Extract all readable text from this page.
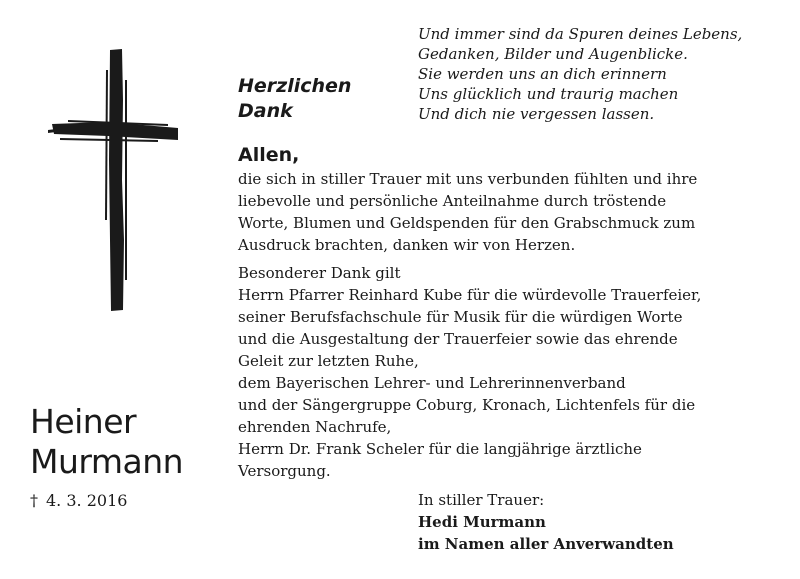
Heiner
Murmann
† 4. 3. 2016
Und immer sind da Spuren deines Lebens,
Gedanken, Bilder und Augenblicke.
Sie werden uns an dich erinnern
Uns glücklich und traurig machen
Und dich nie vergessen lassen.
Herzlichen
Dank
Allen,
die sich in stiller Trauer mit uns verbunden fühlten und ihre
liebevolle und persönliche Anteilnahme durch tröstende
Worte, Blumen und Geldspenden für den Grabschmuck zum
Ausdruck brachten, danken wir von Herzen.
Besonderer Dank gilt
Herrn Pfarrer Reinhard Kube für die würdevolle Trauerfeier,
seiner Berufsfachschule für Musik für die würdigen Worte
und die Ausgestaltung der Trauerfeier sowie das ehrende
Geleit zur letzten Ruhe,
dem Bayerischen Lehrer- und Lehrerinnenverband
und der Sängergruppe Coburg, Kronach, Lichtenfels für die
ehrenden Nachrufe,
Herrn Dr. Frank Scheler für die langjährige ärztliche
Versorgung.
In stiller Trauer:
Hedi Murmann
im Namen aller Anverwandten
